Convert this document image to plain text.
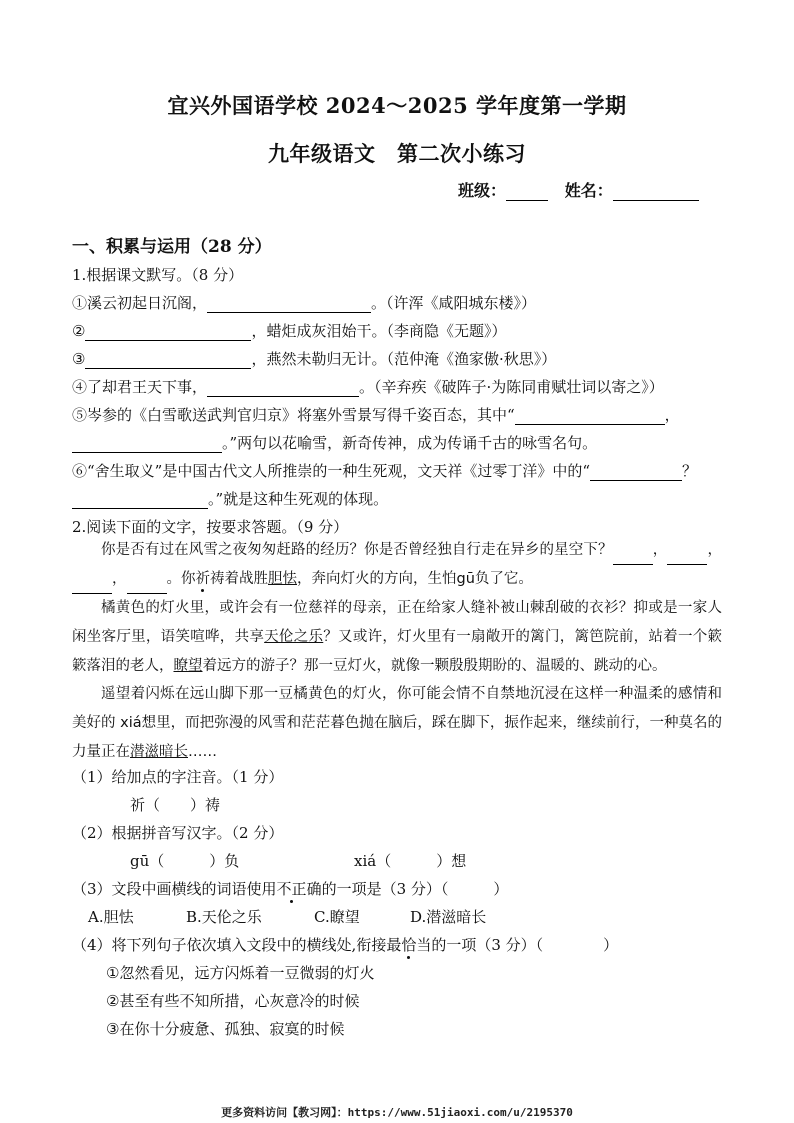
宜兴外国语学校 2024～2025 学年度第一学期
九年级语文　第二次小练习
班级：	姓名：
一、积累与运用（28 分）
1.根据课文默写。（8 分）
①溪云初起日沉阁，	。（许浑《咸阳城东楼》）
②	，蜡炬成灰泪始干。（李商隐《无题》）
③	，燕然未勒归无计。（范仲淹《渔家傲·秋思》）
④了却君王天下事，	。（辛弃疾《破阵子·为陈同甫赋壮词以寄之》）
⑤岑参的《白雪歌送武判官归京》将塞外雪景写得千姿百态，其中“	，
。”两句以花喻雪，新奇传神，成为传诵千古的咏雪名句。
⑥“舍生取义”是中国古代文人所推崇的一种生死观，文天祥《过零丁洋》中的“	？
。”就是这种生死观的体现。
2.阅读下面的文字，按要求答题。（9 分）
你是否有过在风雪之夜匆匆赶路的经历？你是否曾经独自行走在异乡的星空下？	，	，，	。你祈祷着战胜胆怯，奔向灯火的方向，生怕gū负了它。
橘黄色的灯火里，或许会有一位慈祥的母亲，正在给家人缝补被山棘刮破的衣衫？抑或是一家人闲坐客厅里，语笑喧哗，共享天伦之乐？又或许，灯火里有一扇敞开的篱门，篱笆院前，站着一个簌簌落泪的老人，瞭望着远方的游子？那一豆灯火，就像一颗殷殷期盼的、温暖的、跳动的心。
遥望着闪烁在远山脚下那一豆橘黄色的灯火，你可能会情不自禁地沉浸在这样一种温柔的感情和美好的 xiá想里，而把弥漫的风雪和茫茫暮色抛在脑后，踩在脚下，振作起来，继续前行，一种莫名的力量正在潜滋暗长……
（1）给加点的字注音。（1 分）
祈（　　）祷
（2）根据拼音写汉字。（2 分）
gū（　　　）负	xiá（　　　）想
（3）文段中画横线的词语使用不正确的一项是（3 分）（　　　）
A.胆怯	B.天伦之乐	C.瞭望	D.潜滋暗长
（4）将下列句子依次填入文段中的横线处,衔接最恰当的一项（3 分）（　　　　）
①忽然看见，远方闪烁着一豆微弱的灯火
②甚至有些不知所措，心灰意冷的时候
③在你十分疲惫、孤独、寂寞的时候
更多资料访问【教习网】：https://www.51jiaoxi.com/u/2195370
